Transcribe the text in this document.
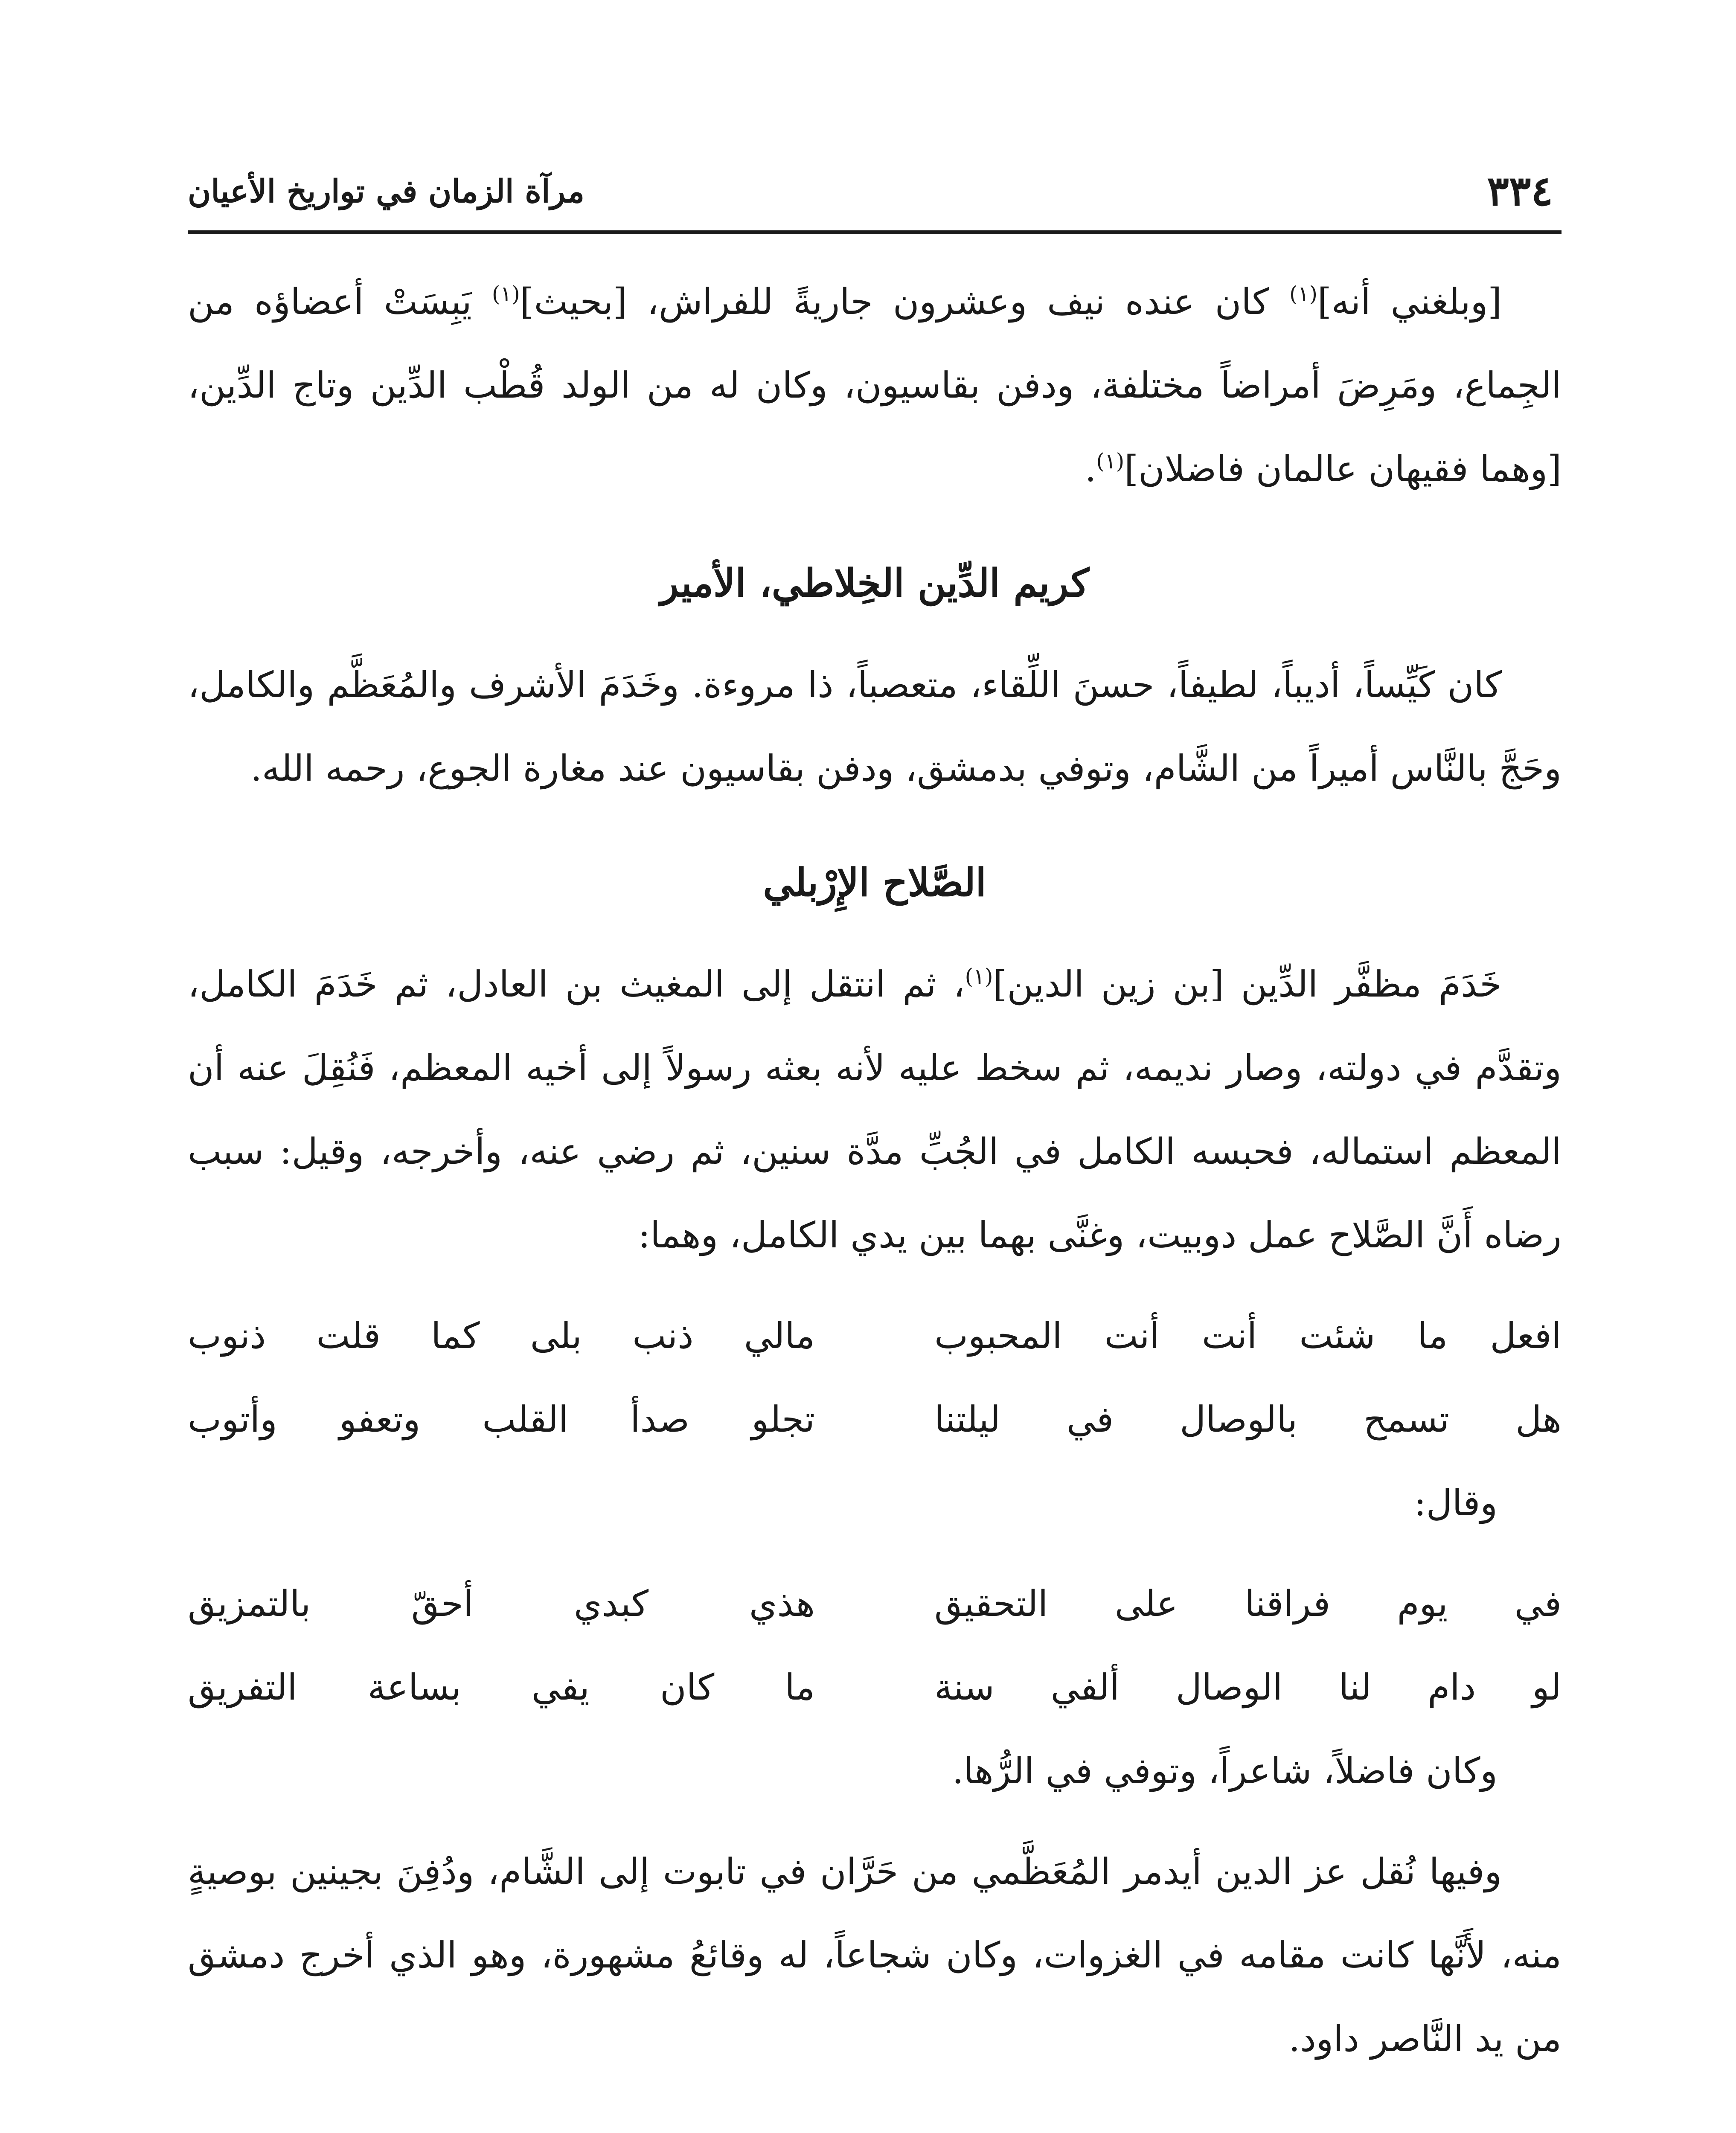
٣٣٤
مرآة الزمان في تواريخ الأعيان

[وبلغني أنه]$^{(١)}$ كان عنده نيف وعشرون جاريةً للفراش، [بحيث]$^{(١)}$ يَبِسَتْ أعضاؤه من الجِماع، ومَرِضَ أمراضاً مختلفة، ودفن بقاسيون، وكان له من الولد قُطْب الدِّين وتاج الدِّين، [وهما فقيهان عالمان فاضلان]$^{(١)}$.

كريم الدِّين الخِلاطي، الأمير

كان كَيِّساً، أديباً، لطيفاً، حسنَ اللِّقاء، متعصباً، ذا مروءة. وخَدَمَ الأشرف والمُعَظَّم والكامل، وحَجَّ بالنَّاس أميراً من الشَّام، وتوفي بدمشق، ودفن بقاسيون عند مغارة الجوع، رحمه الله.

الصَّلاح الإِرْبلي

خَدَمَ مظفَّر الدِّين [بن زين الدين]$^{(١)}$، ثم انتقل إلى المغيث بن العادل، ثم خَدَمَ الكامل، وتقدَّم في دولته، وصار نديمه، ثم سخط عليه لأنه بعثه رسولاً إلى أخيه المعظم، فَنُقِلَ عنه أن المعظم استماله، فحبسه الكامل في الجُبِّ مدَّة سنين، ثم رضي عنه، وأخرجه، وقيل: سبب رضاه أَنَّ الصَّلاح عمل دوبيت، وغنَّى بهما بين يدي الكامل، وهما:

افعل ما شئت أنت أنت المحبوب
مالي ذنب بلى كما قلت ذنوب
هل تسمح بالوصال في ليلتنا
تجلو صدأ القلب وتعفو وأتوب

وقال:

في يوم فراقنا على التحقيق
هذي كبدي أحقّ بالتمزيق
لو دام لنا الوصال ألفي سنة
ما كان يفي بساعة التفريق

وكان فاضلاً، شاعراً، وتوفي في الرُّها.

وفيها نُقل عز الدين أيدمر المُعَظَّمي من حَرَّان في تابوت إلى الشَّام، ودُفِنَ بجينين بوصيةٍ منه، لأَنَّها كانت مقامه في الغزوات، وكان شجاعاً، له وقائعُ مشهورة، وهو الذي أخرج دمشق من يد النَّاصر داود.
